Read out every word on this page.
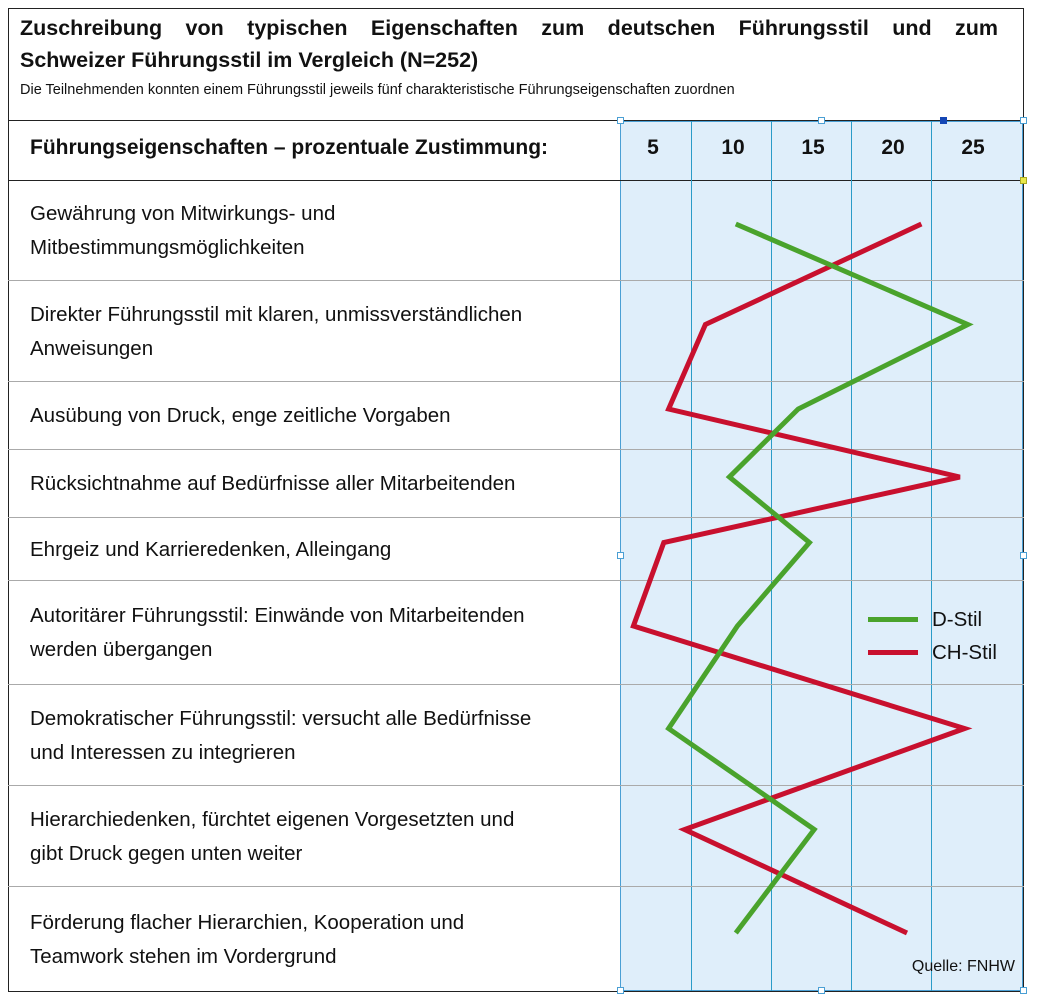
Zuschreibung von typischen Eigenschaften zum deutschen Führungsstil und zum
Schweizer Führungsstil im Vergleich (N=252)
Die Teilnehmenden konnten einem Führungsstil jeweils fünf charakteristische Führungseigenschaften zuordnen
Führungseigenschaften – prozentuale Zustimmung:	5	10	15	20	25
Gewährung von Mitwirkungs- und
Mitbestimmungsmöglichkeiten
Direkter Führungsstil mit klaren, unmissverständlichen
Anweisungen
Ausübung von Druck, enge zeitliche Vorgaben
Rücksichtnahme auf Bedürfnisse aller Mitarbeitenden
Ehrgeiz und Karrieredenken, Alleingang
Autoritärer Führungsstil: Einwände von Mitarbeitenden
werden übergangen
Demokratischer Führungsstil: versucht alle Bedürfnisse
und Interessen zu integrieren
Hierarchiedenken, fürchtet eigenen Vorgesetzten und
gibt Druck gegen unten weiter
Förderung flacher Hierarchien, Kooperation und
Teamwork stehen im Vordergrund
D-Stil
CH-Stil
Quelle: FNHW
